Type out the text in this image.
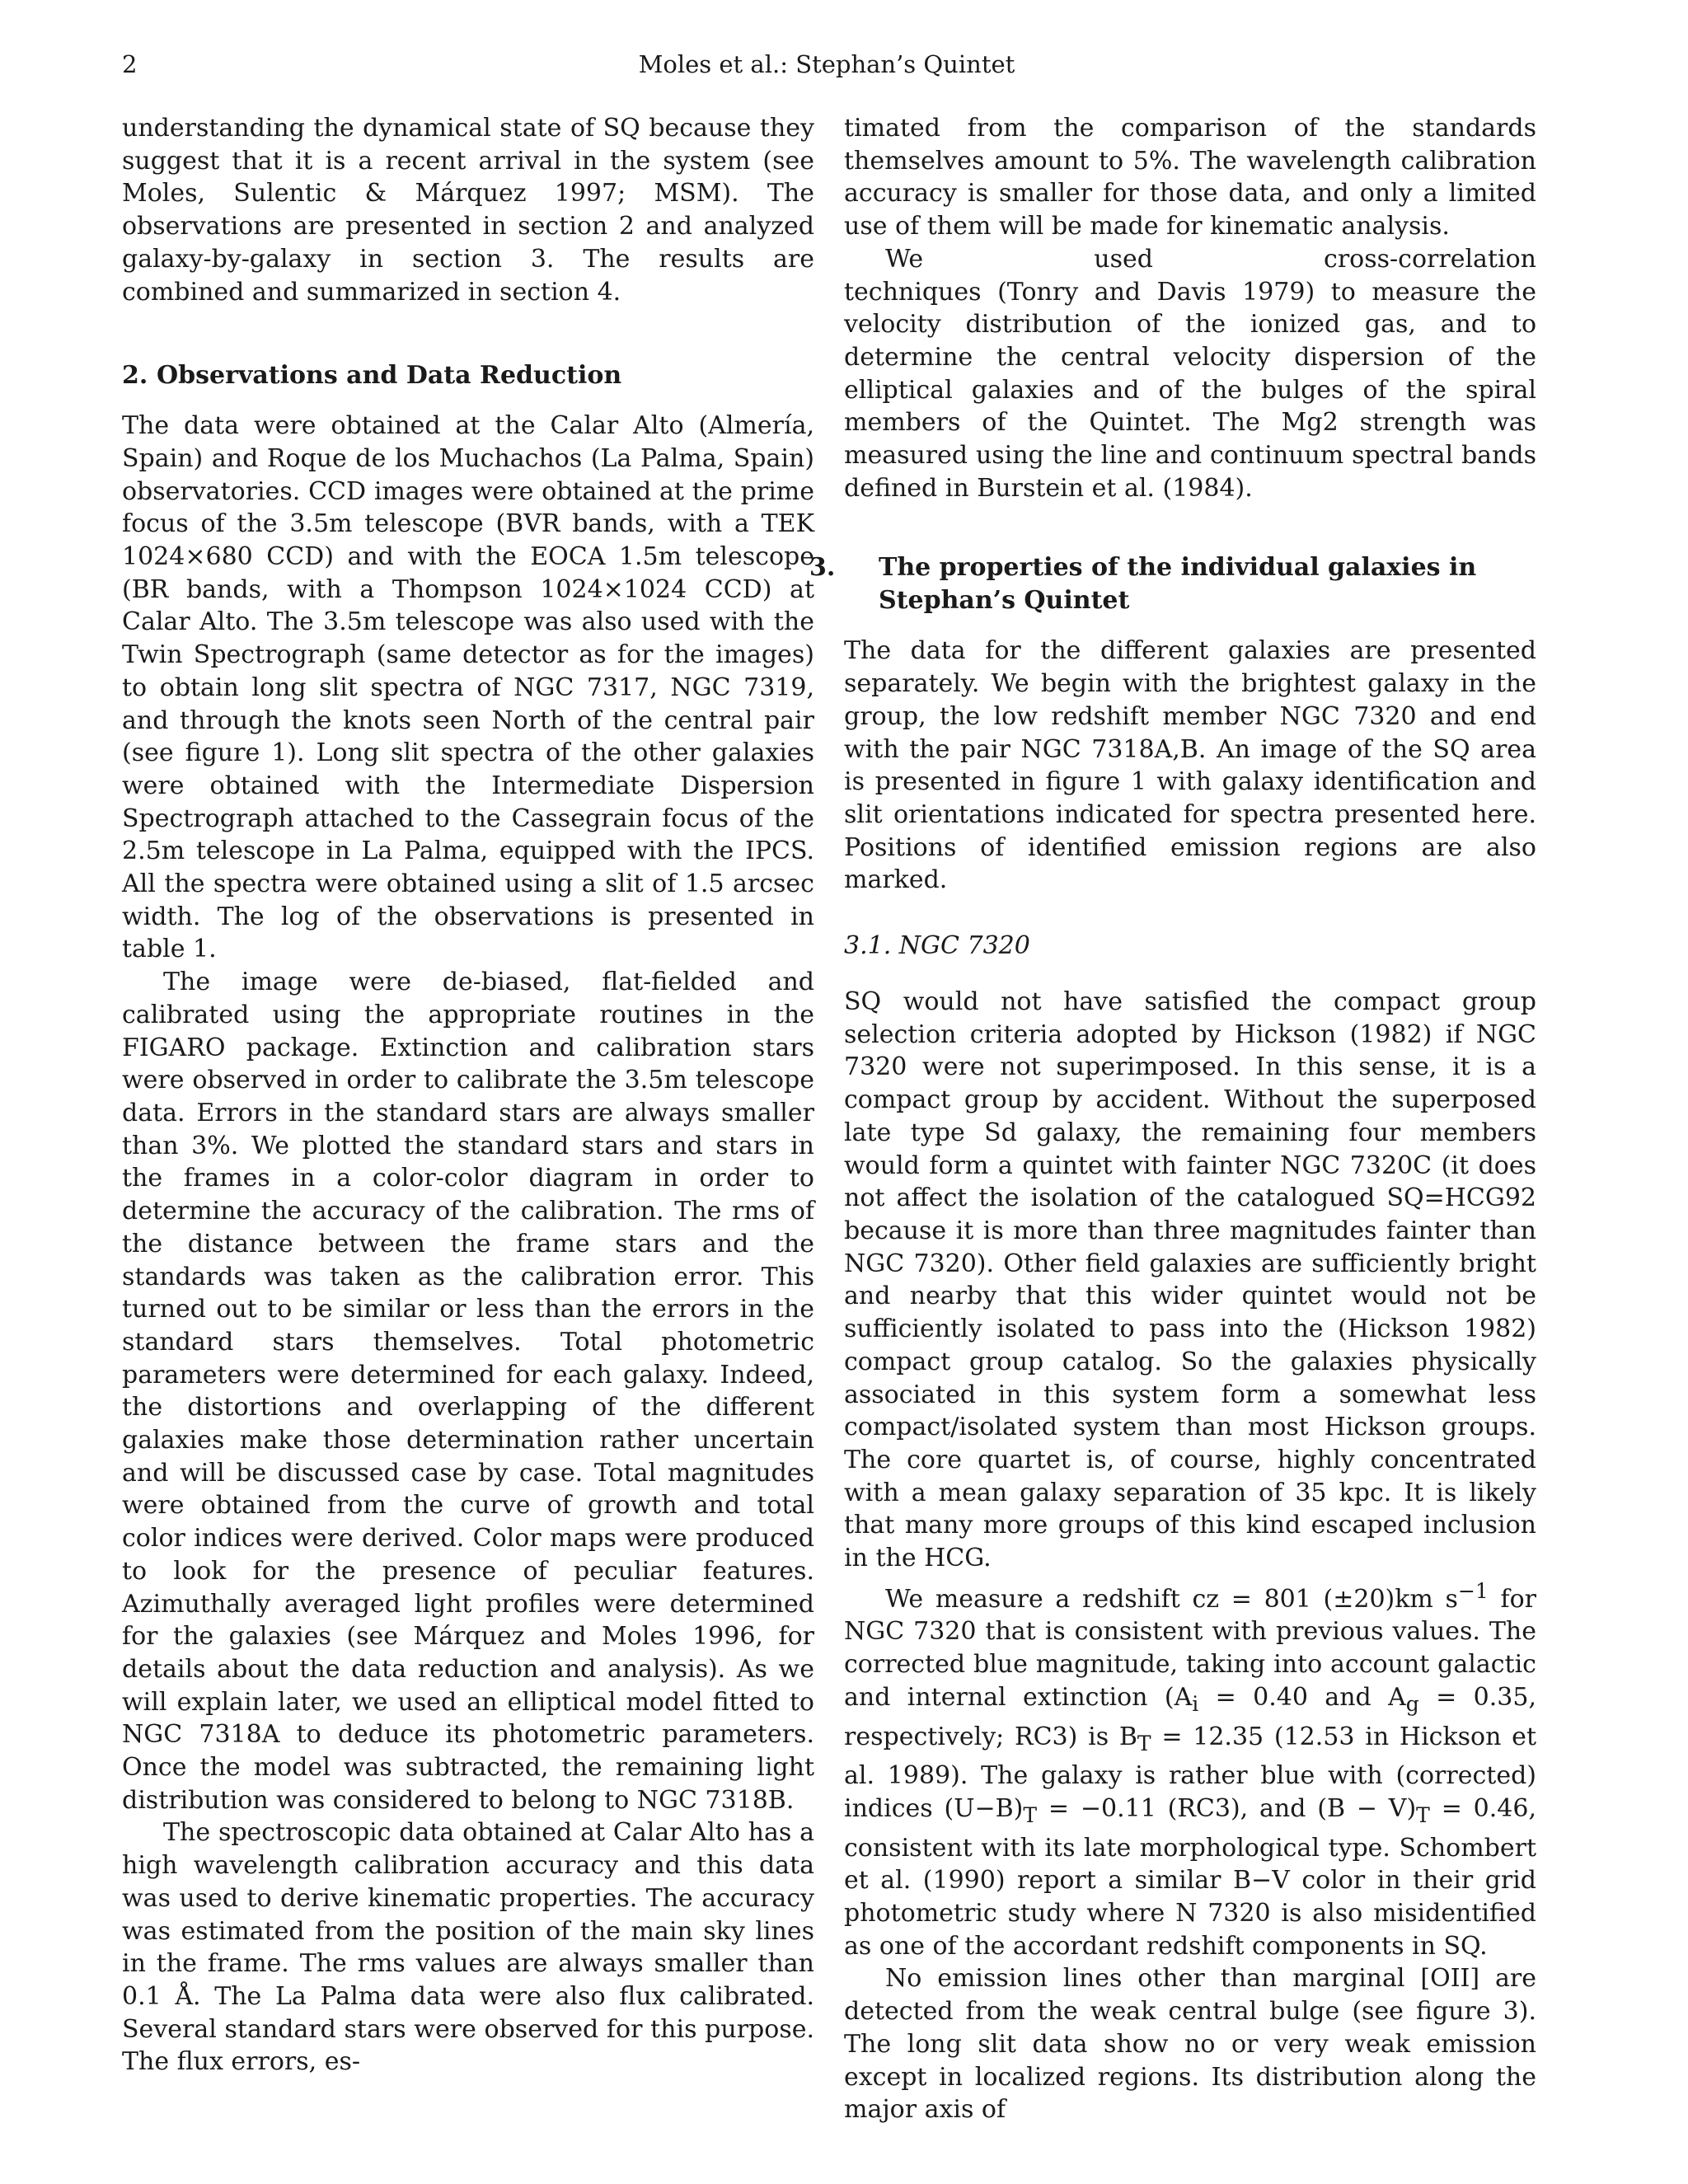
2	Moles et al.: Stephan’s Quintet

understanding the dynamical state of SQ because they suggest that it is a recent arrival in the system (see Moles, Sulentic & Márquez 1997; MSM). The observations are presented in section 2 and analyzed galaxy-by-galaxy in section 3. The results are combined and summarized in section 4.

2. Observations and Data Reduction

The data were obtained at the Calar Alto (Almería, Spain) and Roque de los Muchachos (La Palma, Spain) observatories. CCD images were obtained at the prime focus of the 3.5m telescope (BVR bands, with a TEK 1024×680 CCD) and with the EOCA 1.5m telescope (BR bands, with a Thompson 1024×1024 CCD) at Calar Alto. The 3.5m telescope was also used with the Twin Spectrograph (same detector as for the images) to obtain long slit spectra of NGC 7317, NGC 7319, and through the knots seen North of the central pair (see figure 1). Long slit spectra of the other galaxies were obtained with the Intermediate Dispersion Spectrograph attached to the Cassegrain focus of the 2.5m telescope in La Palma, equipped with the IPCS. All the spectra were obtained using a slit of 1.5 arcsec width. The log of the observations is presented in table 1.

The image were de-biased, flat-fielded and calibrated using the appropriate routines in the FIGARO package. Extinction and calibration stars were observed in order to calibrate the 3.5m telescope data. Errors in the standard stars are always smaller than 3%. We plotted the standard stars and stars in the frames in a color-color diagram in order to determine the accuracy of the calibration. The rms of the distance between the frame stars and the standards was taken as the calibration error. This turned out to be similar or less than the errors in the standard stars themselves. Total photometric parameters were determined for each galaxy. Indeed, the distortions and overlapping of the different galaxies make those determination rather uncertain and will be discussed case by case. Total magnitudes were obtained from the curve of growth and total color indices were derived. Color maps were produced to look for the presence of peculiar features. Azimuthally averaged light profiles were determined for the galaxies (see Márquez and Moles 1996, for details about the data reduction and analysis). As we will explain later, we used an elliptical model fitted to NGC 7318A to deduce its photometric parameters. Once the model was subtracted, the remaining light distribution was considered to belong to NGC 7318B.

The spectroscopic data obtained at Calar Alto has a high wavelength calibration accuracy and this data was used to derive kinematic properties. The accuracy was estimated from the position of the main sky lines in the frame. The rms values are always smaller than 0.1 Å. The La Palma data were also flux calibrated. Several standard stars were observed for this purpose. The flux errors, es-

timated from the comparison of the standards themselves amount to 5%. The wavelength calibration accuracy is smaller for those data, and only a limited use of them will be made for kinematic analysis.

We	used	cross-correlation

techniques (Tonry and Davis 1979) to measure the velocity distribution of the ionized gas, and to determine the central velocity dispersion of the elliptical galaxies and of the bulges of the spiral members of the Quintet. The Mg2 strength was measured using the line and continuum spectral bands defined in Burstein et al. (1984).

3. The properties of the individual galaxies in Stephan’s Quintet

The data for the different galaxies are presented separately. We begin with the brightest galaxy in the group, the low redshift member NGC 7320 and end with the pair NGC 7318A,B. An image of the SQ area is presented in figure 1 with galaxy identification and slit orientations indicated for spectra presented here. Positions of identified emission regions are also marked.

3.1. NGC 7320

SQ would not have satisfied the compact group selection criteria adopted by Hickson (1982) if NGC 7320 were not superimposed. In this sense, it is a compact group by accident. Without the superposed late type Sd galaxy, the remaining four members would form a quintet with fainter NGC 7320C (it does not affect the isolation of the catalogued SQ=HCG92 because it is more than three magnitudes fainter than NGC 7320). Other field galaxies are sufficiently bright and nearby that this wider quintet would not be sufficiently isolated to pass into the (Hickson 1982) compact group catalog. So the galaxies physically associated in this system form a somewhat less compact/isolated system than most Hickson groups. The core quartet is, of course, highly concentrated with a mean galaxy separation of 35 kpc. It is likely that many more groups of this kind escaped inclusion in the HCG.

We measure a redshift cz = 801 (±20)km $s^{-1}$ for NGC 7320 that is consistent with previous values. The corrected blue magnitude, taking into account galactic and internal extinction ($A_i = 0.40$ and $A_g = 0.35$, respectively; RC3) is $B_T = 12.35$ (12.53 in Hickson et al. 1989). The galaxy is rather blue with (corrected) indices $(U-B)_T = -0.11$ (RC3), and $(B - V)_T = 0.46$, consistent with its late morphological type. Schombert et al. (1990) report a similar B−V color in their grid photometric study where N 7320 is also misidentified as one of the accordant redshift components in SQ.

No emission lines other than marginal [OII] are detected from the weak central bulge (see figure 3). The long slit data show no or very weak emission except in localized regions. Its distribution along the major axis of
